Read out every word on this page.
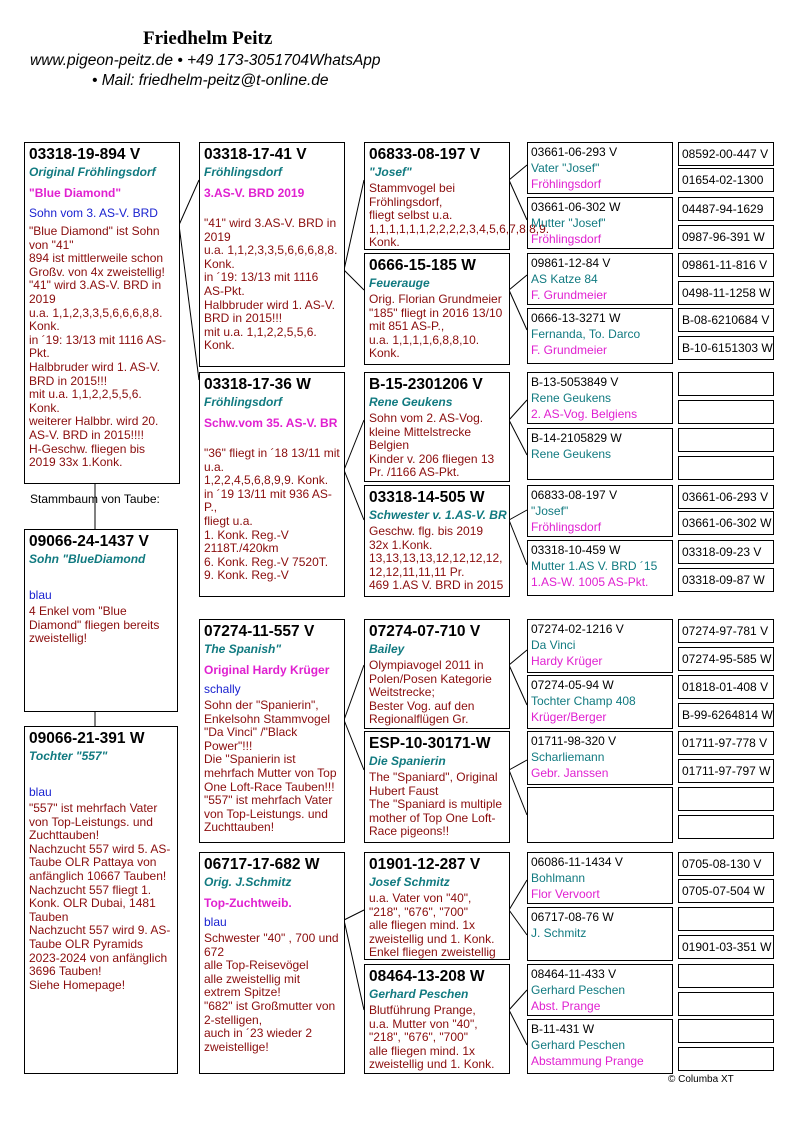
Friedhelm Peitz
www.pigeon-peitz.de • +49 173-3051704WhatsApp
• Mail: friedhelm-peitz@t-online.de
03318-19-894 V
Original Fröhlingsdorf
"Blue Diamond"
Sohn vom 3. AS-V. BRD
"Blue Diamond" ist Sohn von "41"
894 ist mittlerweile schon Großv. von 4x zweistellig!
"41" wird 3.AS-V. BRD in 2019
u.a. 1,1,2,3,3,5,6,6,6,8,8. Konk.
in ´19: 13/13 mit 1116 AS-Pkt.
Halbbruder wird 1. AS-V. BRD in 2015!!!
mit u.a. 1,1,2,2,5,5,6. Konk.
weiterer Halbbr. wird 20. AS-V. BRD in 2015!!!!
H-Geschw. fliegen bis 2019 33x 1.Konk.
Stammbaum von Taube:
09066-24-1437 V
Sohn "BlueDiamond
blau
4 Enkel vom "Blue Diamond" fliegen bereits zweistellig!
09066-21-391 W
Tochter "557"
blau
"557" ist mehrfach Vater von Top-Leistungs. und Zuchttauben!
Nachzucht 557 wird 5. AS-Taube OLR Pattaya von anfänglich 10667 Tauben!
Nachzucht 557 fliegt 1. Konk. OLR Dubai, 1481 Tauben
Nachzucht 557 wird 9. AS-Taube OLR Pyramids 2023-2024 von anfänglich 3696 Tauben!
Siehe Homepage!
03318-17-41 V
Fröhlingsdorf
3.AS-V. BRD 2019
"41" wird 3.AS-V. BRD in 2019
u.a. 1,1,2,3,3,5,6,6,6,8,8. Konk.
in ´19: 13/13 mit 1116 AS-Pkt.
Halbbruder wird 1. AS-V. BRD in 2015!!!
mit u.a. 1,1,2,2,5,5,6. Konk.
03318-17-36 W
Fröhlingsdorf
Schw.vom 35. AS-V. BR
"36" fliegt in ´18 13/11 mit u.a.
1,2,2,4,5,6,8,9,9. Konk.
in ´19 13/11 mit 936 AS-P.,
fliegt u.a.
1. Konk. Reg.-V 2118T./420km
6. Konk. Reg.-V 7520T.
9. Konk. Reg.-V
07274-11-557 V
The Spanish"
Original Hardy Krüger
schally
Sohn der "Spanierin", Enkelsohn Stammvogel "Da Vinci" /"Black Power"!!!
Die "Spanierin ist mehrfach Mutter von Top One Loft-Race Tauben!!!
"557" ist mehrfach Vater von Top-Leistungs. und Zuchttauben!
06717-17-682 W
Orig. J.Schmitz
Top-Zuchtweib.
blau
Schwester "40" , 700 und 672
alle Top-Reisevögel
alle zweistellig mit extrem Spitze!
"682" ist Großmutter von 2-stelligen,
auch in ´23 wieder 2 zweistellige!
06833-08-197 V
"Josef"
Stammvogel bei Fröhlingsdorf,
fliegt selbst u.a.
1,1,1,1,1,1,2,2,2,2,3,4,5,6,7,8,8,9. Konk.
0666-15-185 W
Feuerauge
Orig. Florian Grundmeier
"185" fliegt in 2016 13/10 mit 851 AS-P.,
u.a. 1,1,1,1,6,8,8,10. Konk.
B-15-2301206 V
Rene Geukens
Sohn vom 2. AS-Vog. kleine Mittelstrecke Belgien
Kinder v. 206 fliegen 13 Pr. /1166 AS-Pkt.
03318-14-505 W
Schwester v. 1.AS-V. BR
Geschw. flg. bis 2019 32x 1.Konk.
13,13,13,13,12,12,12,12,
12,12,11,11,11 Pr.
469 1.AS V. BRD in 2015
07274-07-710 V
Bailey
Olympiavogel 2011 in Polen/Posen Kategorie Weitstrecke;
Bester Vog. auf den Regionalflügen Gr.
ESP-10-30171-W
Die Spanierin
The "Spaniard", Original Hubert Faust
The "Spaniard is multiple mother of Top One Loft-Race pigeons!!
01901-12-287 V
Josef Schmitz
u.a. Vater von "40", "218", "676", "700"
alle fliegen mind. 1x zweistellig und 1. Konk.
Enkel fliegen zweistellig
08464-13-208 W
Gerhard Peschen
Blutführung Prange,
u.a. Mutter von "40", "218", "676", "700"
alle fliegen mind. 1x zweistellig und 1. Konk.
03661-06-293 V
Vater "Josef"
Fröhlingsdorf
03661-06-302 W
Mutter "Josef"
Fröhlingsdorf
09861-12-84 V
AS Katze 84
F. Grundmeier
0666-13-3271 W
Fernanda, To. Darco
F. Grundmeier
B-13-5053849 V
Rene Geukens
2. AS-Vog. Belgiens
B-14-2105829 W
Rene Geukens
06833-08-197 V
"Josef"
Fröhlingsdorf
03318-10-459 W
Mutter 1.AS V. BRD ´15
1.AS-W. 1005 AS-Pkt.
07274-02-1216 V
Da Vinci
Hardy Krüger
07274-05-94 W
Tochter Champ 408
Krüger/Berger
01711-98-320 V
Scharliemann
Gebr. Janssen
06086-11-1434 V
Bohlmann
Flor Vervoort
06717-08-76 W
J. Schmitz
08464-11-433 V
Gerhard Peschen
Abst. Prange
B-11-431 W
Gerhard Peschen
Abstammung Prange
08592-00-447 V
01654-02-1300
04487-94-1629
0987-96-391 W
09861-11-816 V
0498-11-1258 W
B-08-6210684 V
B-10-6151303 W
03661-06-293 V
03661-06-302 W
03318-09-23 V
03318-09-87 W
07274-97-781 V
07274-95-585 W
01818-01-408 V
B-99-6264814 W
01711-97-778 V
01711-97-797 W
0705-08-130 V
0705-07-504 W
01901-03-351 W
© Columba XT
